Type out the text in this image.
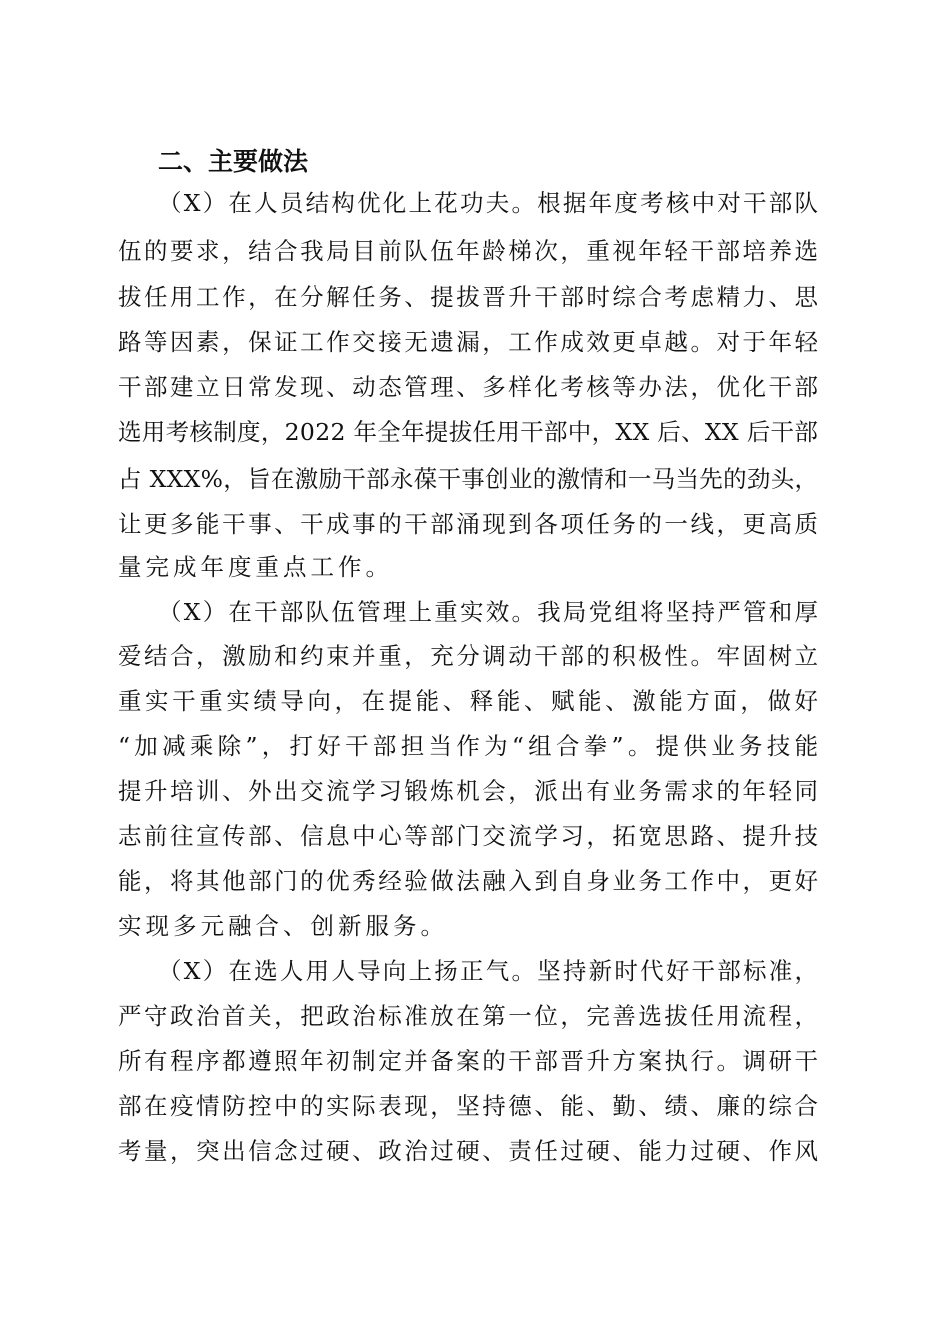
二、主要做法
（X）在人员结构优化上花功夫。根据年度考核中对干部队
伍的要求，结合我局目前队伍年龄梯次，重视年轻干部培养选
拔任用工作，在分解任务、提拔晋升干部时综合考虑精力、思
路等因素，保证工作交接无遗漏，工作成效更卓越。对于年轻
干部建立日常发现、动态管理、多样化考核等办法，优化干部
选用考核制度，2022 年全年提拔任用干部中，XX 后、XX 后干部
占 XXX%，旨在激励干部永葆干事创业的激情和一马当先的劲头，
让更多能干事、干成事的干部涌现到各项任务的一线，更高质
量完成年度重点工作。
（X）在干部队伍管理上重实效。我局党组将坚持严管和厚
爱结合，激励和约束并重，充分调动干部的积极性。牢固树立
重实干重实绩导向，在提能、释能、赋能、激能方面，做好
“加减乘除”，打好干部担当作为“组合拳”。提供业务技能
提升培训、外出交流学习锻炼机会，派出有业务需求的年轻同
志前往宣传部、信息中心等部门交流学习，拓宽思路、提升技
能，将其他部门的优秀经验做法融入到自身业务工作中，更好
实现多元融合、创新服务。
（X）在选人用人导向上扬正气。坚持新时代好干部标准，
严守政治首关，把政治标准放在第一位，完善选拔任用流程，
所有程序都遵照年初制定并备案的干部晋升方案执行。调研干
部在疫情防控中的实际表现，坚持德、能、勤、绩、廉的综合
考量，突出信念过硬、政治过硬、责任过硬、能力过硬、作风
